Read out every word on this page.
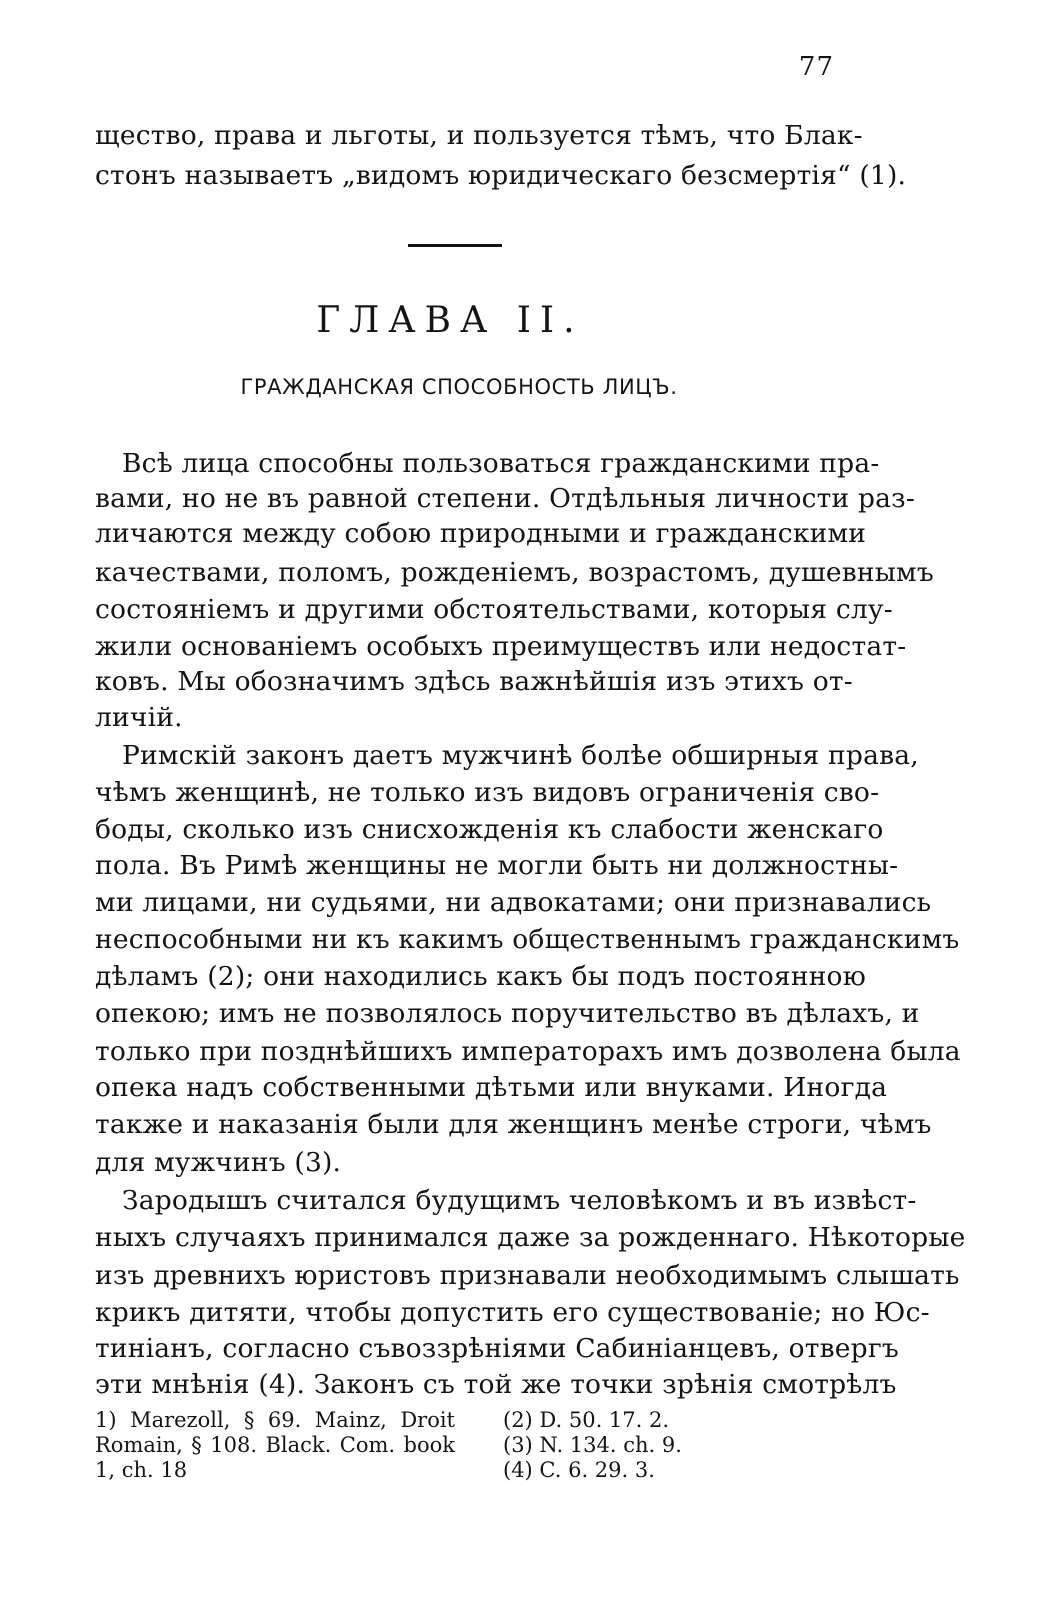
77
щество, права и льготы, и пользуется тѣмъ, что Блак-
стонъ называетъ „видомъ юридическаго безсмертія“ (1).
ГЛАВА II.
ГРАЖДАНСКАЯ СПОСОБНОСТЬ ЛИЦЪ.
Всѣ лица способны пользоваться гражданскими пра-
вами, но не въ равной степени. Отдѣльныя личности раз-
личаются между собою природными и гражданскими
качествами, поломъ, рожденіемъ, возрастомъ, душевнымъ
состояніемъ и другими обстоятельствами, которыя слу-
жили основаніемъ особыхъ преимуществъ или недостат-
ковъ. Мы обозначимъ здѣсь важнѣйшія изъ этихъ от-
личій.
Римскій законъ даетъ мужчинѣ болѣе обширныя права,
чѣмъ женщинѣ, не только изъ видовъ ограниченія сво-
боды, сколько изъ снисхожденія къ слабости женскаго
пола. Въ Римѣ женщины не могли быть ни должностны-
ми лицами, ни судьями, ни адвокатами; они признавались
неспособными ни къ какимъ общественнымъ гражданскимъ
дѣламъ (2); они находились какъ бы подъ постоянною
опекою; имъ не позволялось поручительство въ дѣлахъ, и
только при позднѣйшихъ императорахъ имъ дозволена была
опека надъ собственными дѣтьми или внуками. Иногда
также и наказанія были для женщинъ менѣе строги, чѣмъ
для мужчинъ (3).
Зародышъ считался будущимъ человѣкомъ и въ извѣст-
ныхъ случаяхъ принимался даже за рожденнаго. Нѣкоторые
изъ древнихъ юристовъ признавали необходимымъ слышать
крикъ дитяти, чтобы допустить его существованіе; но Юс-
тиніанъ, согласно съвоззрѣніями Сабиніанцевъ, отвергъ
эти мнѣнія (4). Законъ съ той же точки зрѣнія смотрѣлъ
1) Marezoll, § 69. Mainz, Droit
Romain, § 108. Black. Com. book
1, ch. 18
(2) D. 50. 17. 2.
(3) N. 134. ch. 9.
(4) C. 6. 29. 3.
